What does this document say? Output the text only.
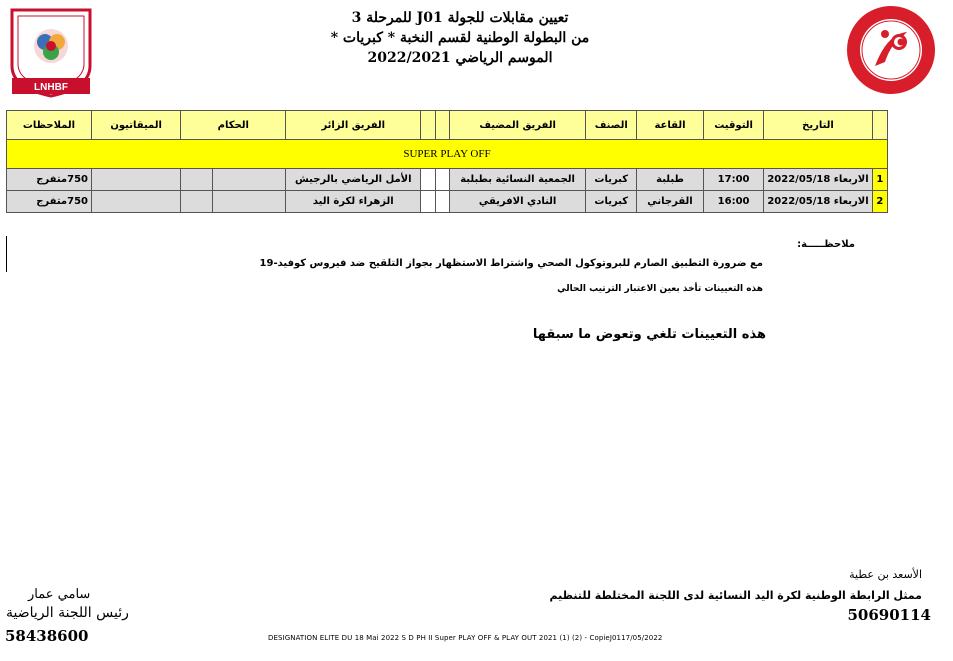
LNHBF
تعيين مقابلات للجولة J01 للمرحلة 3
من البطولة الوطنية لقسم النخبة * كبريات *
الموسم الرياضي 2022/2021
	التاريخ	التوقيت	القاعة	الصنف	الفريق المضيف			الفريق الزائر	الحكام		الميقاتيون	الملاحظات
SUPER PLAY OFF												
1	الاربعاء 2022/05/18	17:00	طبلبة	كبريات	الجمعية النسائية بطبلبة			الأمل الرياضي بالرجيش				750متفرج
2	الاربعاء 2022/05/18	16:00	القرجاني	كبريات	النادي الافريقي			الزهراء لكرة اليد				750متفرج
ملاحظـــــة:
مع ضرورة التطبيق الصارم للبروتوكول الصحي واشتراط الاستظهار بجواز التلقيح ضد فيروس كوفيد-19
هذه التعيينات تأخذ بعين الاعتبار الترتيب الحالي
هذه التعيينات تلغي وتعوض ما سبقها
الأسعد بن عطية
ممثل الرابطة الوطنية لكرة اليد النسائية لدى اللجنة المختلطة للتنظيم
50690114
سامي عمار
رئيس اللجنة الرياضية
58438600	DESIGNATION ELITE DU 18 Mai 2022 S D PH II Super PLAY OFF & PLAY OUT 2021 (1) (2) - CopieJ0117/05/2022
